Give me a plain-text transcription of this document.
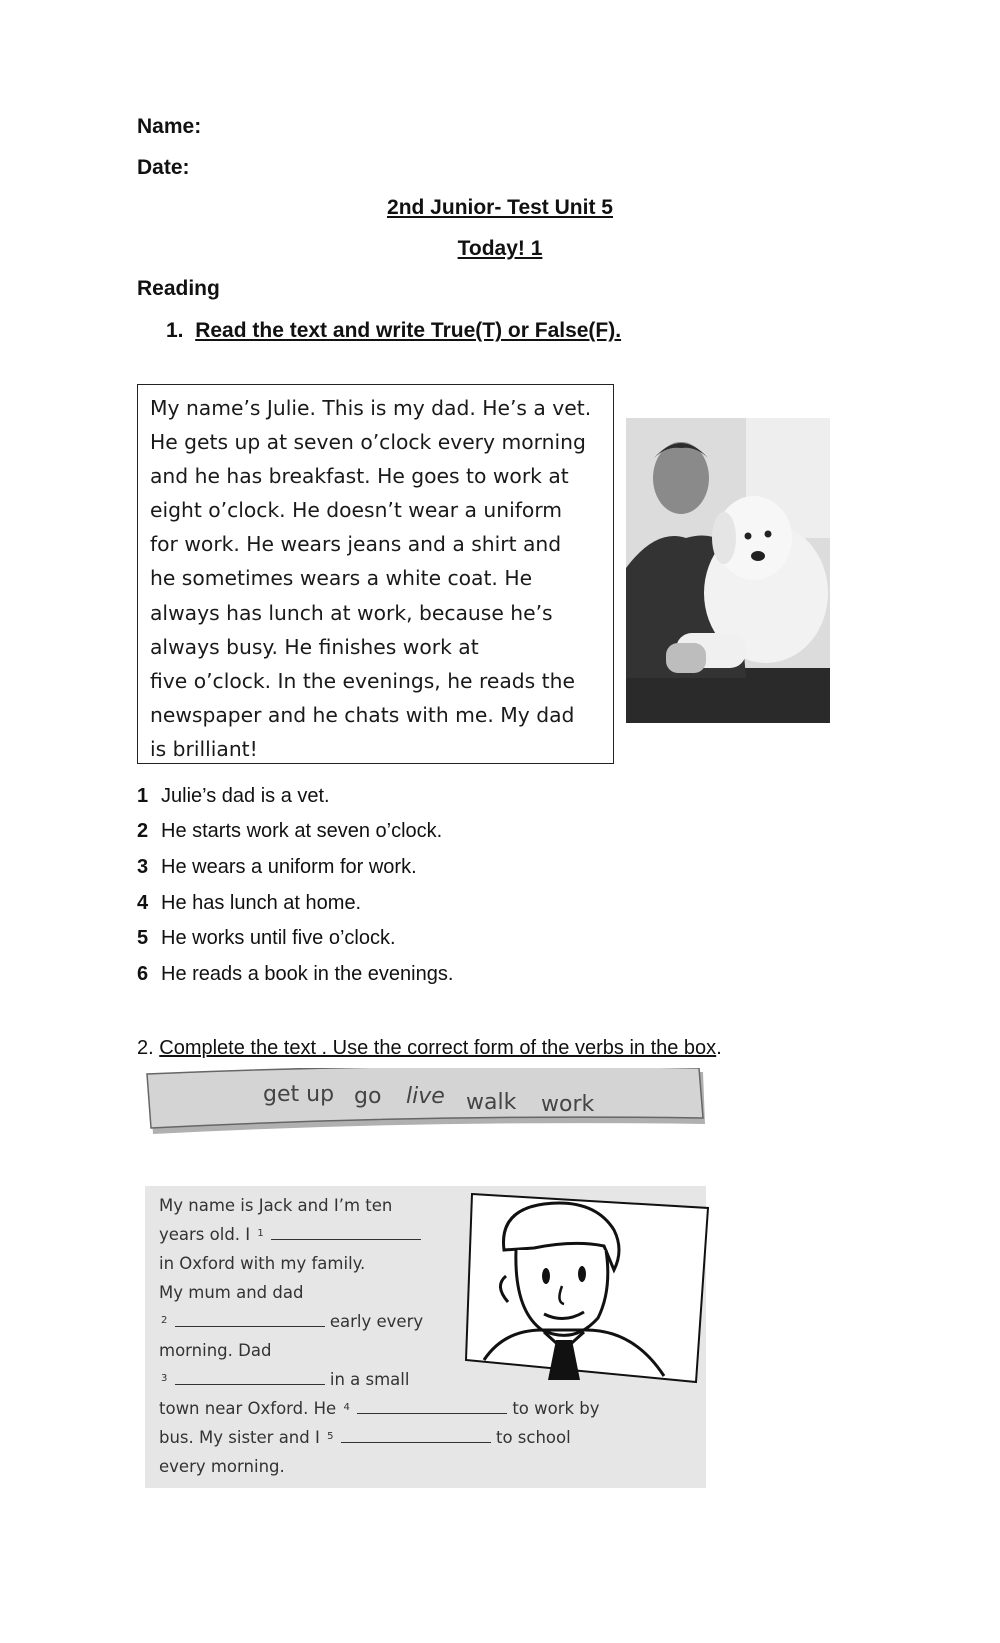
Name:
Date:
2nd Junior- Test Unit 5
Today! 1
Reading
1. Read the text and write True(T) or False(F).
My name’s Julie. This is my dad. He’s a vet.
He gets up at seven o’clock every morning
and he has breakfast. He goes to work at
eight o’clock. He doesn’t wear a uniform
for work. He wears jeans and a shirt and
he sometimes wears a white coat. He
always has lunch at work, because he’s
always busy. He finishes work at
five o’clock. In the evenings, he reads the
newspaper and he chats with me. My dad
is brilliant!
1 Julie’s dad is a vet.
2 He starts work at seven o’clock.
3 He wears a uniform for work.
4 He has lunch at home.
5 He works until five o’clock.
6 He reads a book in the evenings.
2. Complete the text . Use the correct form of the verbs in the box.
get up go live walk work
My name is Jack and I’m ten
years old. I $^1$
in Oxford with my family.
My mum and dad
$^2$	early every
morning. Dad
$^3$	in a small
town near Oxford. He $^4$	to work by
bus. My sister and I $^5$	to school
every morning.
